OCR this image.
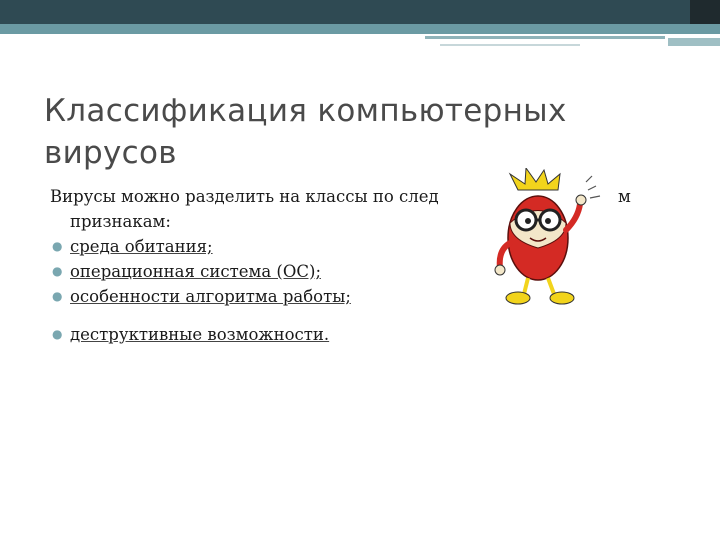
Классификация компьютерных
вирусов
Вирусы можно разделить на классы по след
признакам:
м
● среда обитания;
● операционная система (ОС);
● особенности алгоритма работы;
● деструктивные возможности.
